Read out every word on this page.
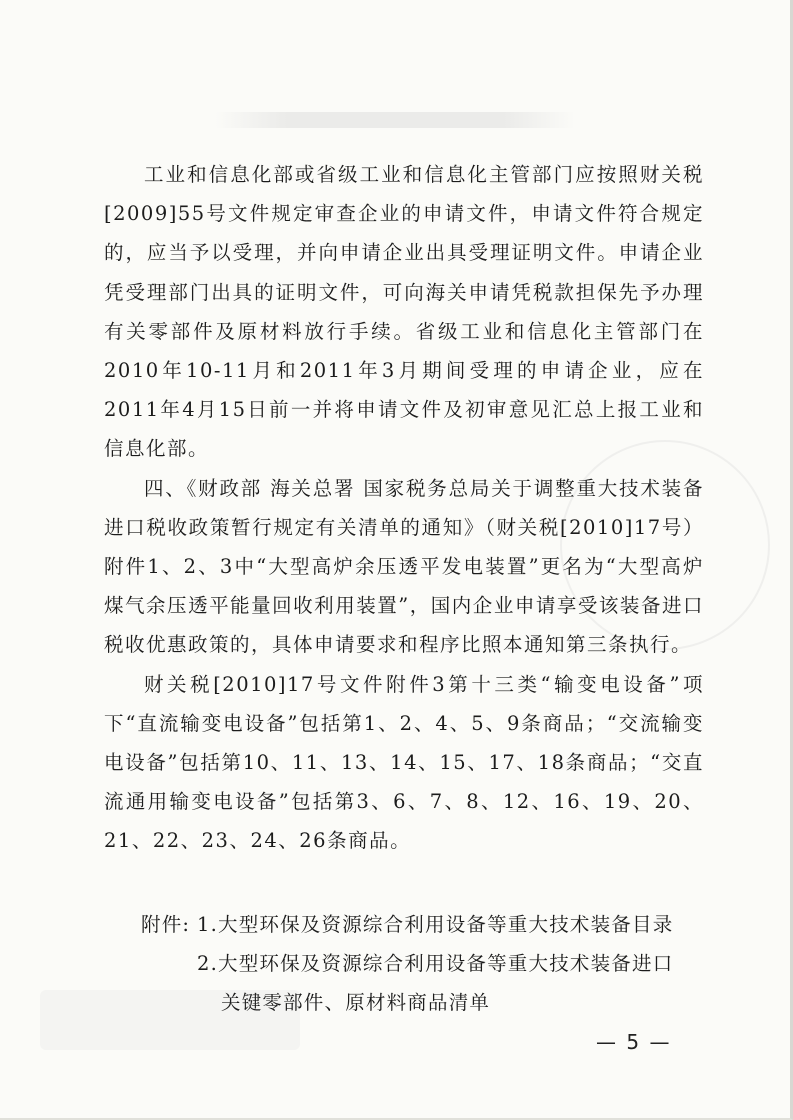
工业和信息化部或省级工业和信息化主管部门应按照财关税[2009]55号文件规定审查企业的申请文件，申请文件符合规定的，应当予以受理，并向申请企业出具受理证明文件。申请企业凭受理部门出具的证明文件，可向海关申请凭税款担保先予办理有关零部件及原材料放行手续。省级工业和信息化主管部门在2010年10-11月和2011年3月期间受理的申请企业，应在2011年4月15日前一并将申请文件及初审意见汇总上报工业和信息化部。

四、《财政部 海关总署 国家税务总局关于调整重大技术装备进口税收政策暂行规定有关清单的通知》（财关税[2010]17号）附件1、2、3中“大型高炉余压透平发电装置”更名为“大型高炉煤气余压透平能量回收利用装置”，国内企业申请享受该装备进口税收优惠政策的，具体申请要求和程序比照本通知第三条执行。

财关税[2010]17号文件附件3第十三类“输变电设备”项下“直流输变电设备”包括第1、2、4、5、9条商品；“交流输变电设备”包括第10、11、13、14、15、17、18条商品；“交直流通用输变电设备”包括第3、6、7、8、12、16、19、20、21、22、23、24、26条商品。

附件: 1.大型环保及资源综合利用设备等重大技术装备目录
2.大型环保及资源综合利用设备等重大技术装备进口
关键零部件、原材料商品清单
— 5 —
